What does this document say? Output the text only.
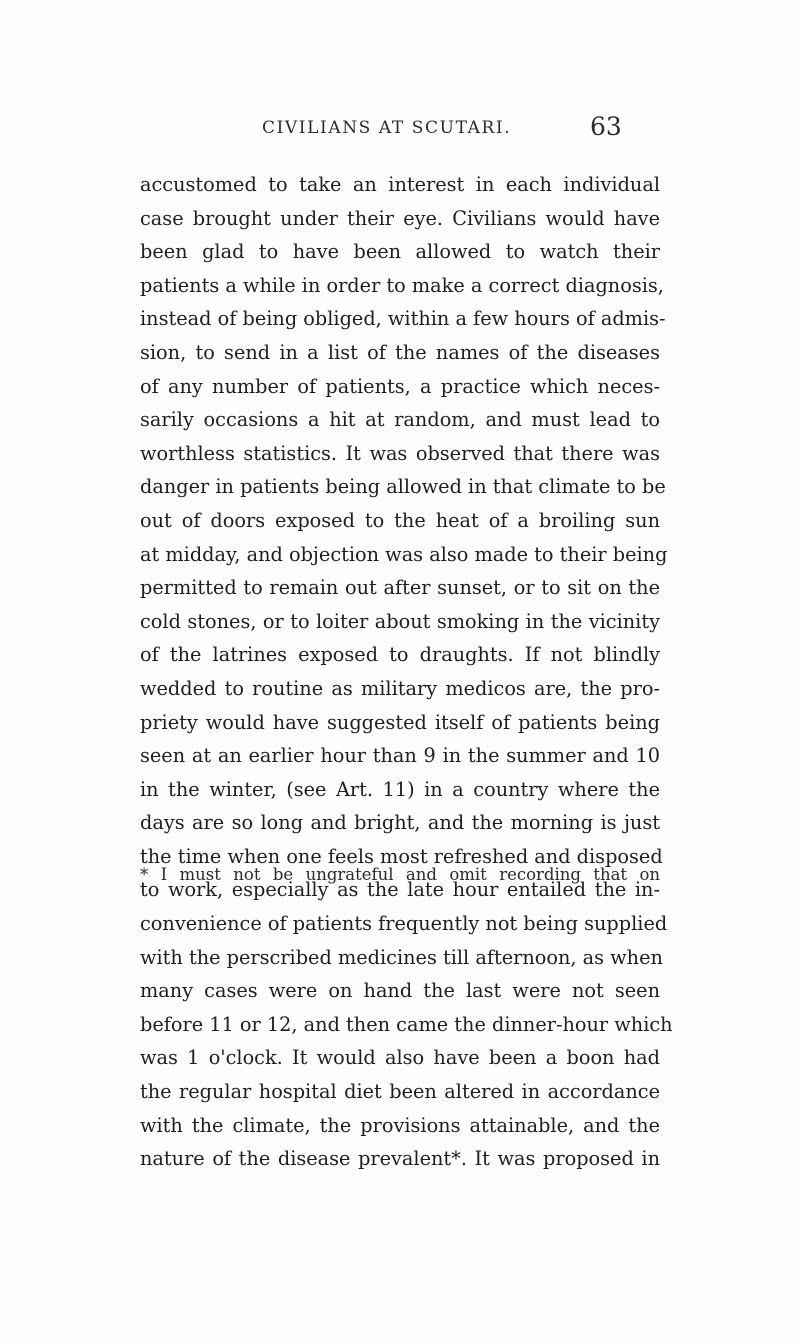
CIVILIANS AT SCUTARI.	63
accustomed to take an interest in each individual
case brought under their eye. Civilians would have
been glad to have been allowed to watch their
patients a while in order to make a correct diagnosis,
instead of being obliged, within a few hours of admis-
sion, to send in a list of the names of the diseases
of any number of patients, a practice which neces-
sarily occasions a hit at random, and must lead to
worthless statistics. It was observed that there was
danger in patients being allowed in that climate to be
out of doors exposed to the heat of a broiling sun
at midday, and objection was also made to their being
permitted to remain out after sunset, or to sit on the
cold stones, or to loiter about smoking in the vicinity
of the latrines exposed to draughts. If not blindly
wedded to routine as military medicos are, the pro-
priety would have suggested itself of patients being
seen at an earlier hour than 9 in the summer and 10
in the winter, (see Art. 11) in a country where the
days are so long and bright, and the morning is just
the time when one feels most refreshed and disposed
to work, especially as the late hour entailed the in-
convenience of patients frequently not being supplied
with the perscribed medicines till afternoon, as when
many cases were on hand the last were not seen
before 11 or 12, and then came the dinner-hour which
was 1 o'clock. It would also have been a boon had
the regular hospital diet been altered in accordance
with the climate, the provisions attainable, and the
nature of the disease prevalent*. It was proposed in
* I must not be ungrateful and omit recording that on
